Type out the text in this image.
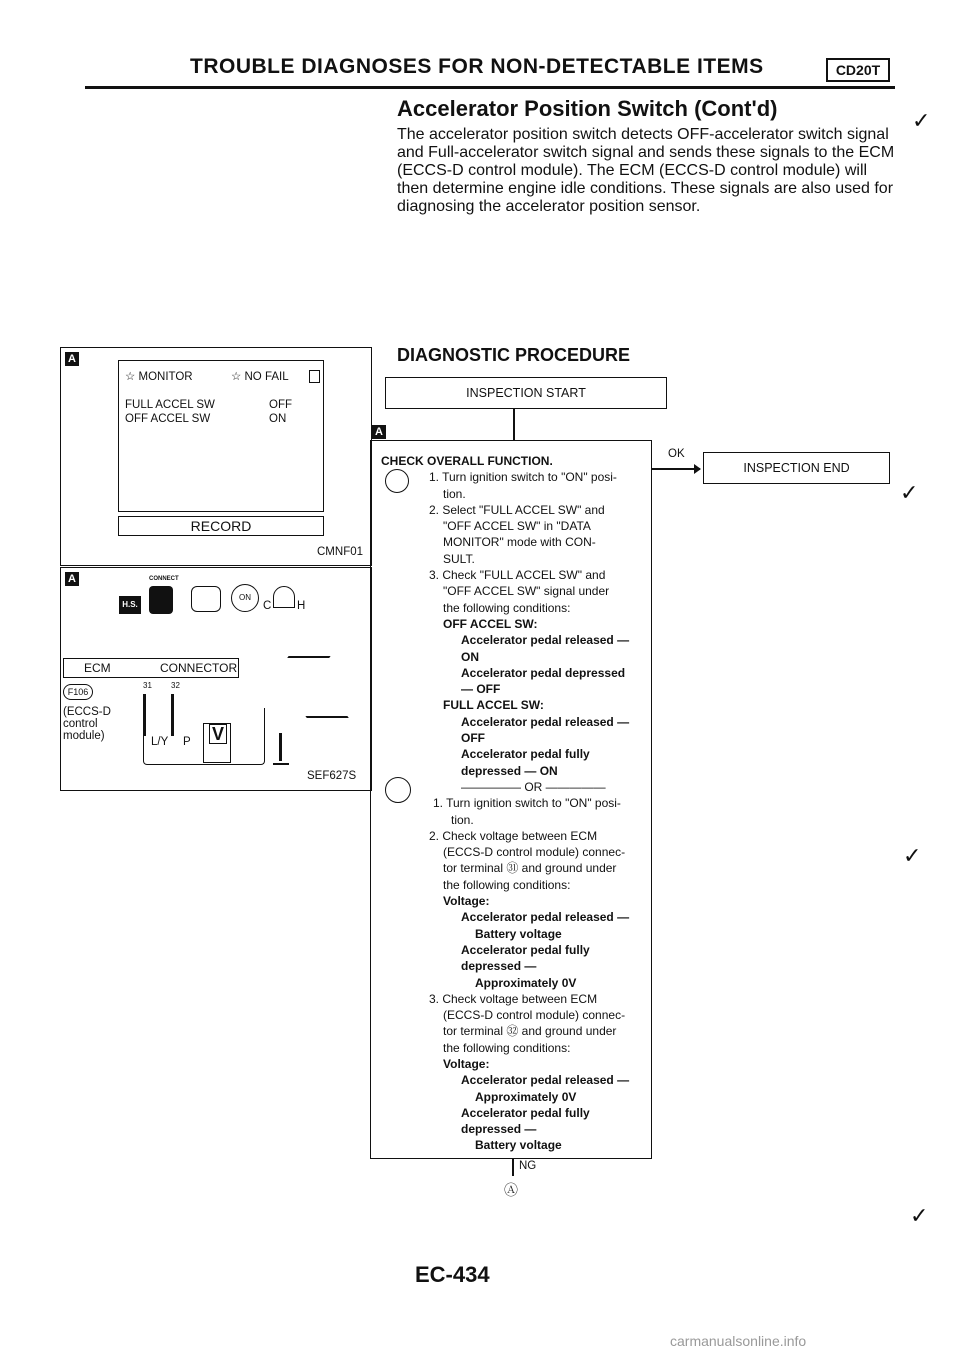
TROUBLE DIAGNOSES FOR NON-DETECTABLE ITEMS	CD20T
Accelerator Position Switch (Cont'd)
The accelerator position switch detects OFF-accelerator switch signal and Full-accelerator switch signal and sends these signals to the ECM (ECCS-D control module). The ECM (ECCS-D control module) will then determine engine idle conditions. These signals are also used for diagnosing the accelerator position sensor.
A
☆ MONITOR	☆ NO FAIL
FULL ACCEL SW	OFF
OFF ACCEL SW	ON
RECORD
CMNF01
A
H.S.
CONNECT
ON
C H
ECM	CONNECTOR
F106
31 32
(ECCS-D
control
module)	L/Y P V
SEF627S
DIAGNOSTIC PROCEDURE
INSPECTION START
A
CHECK OVERALL FUNCTION.
1. Turn ignition switch to "ON" posi-
tion.
2. Select "FULL ACCEL SW" and
"OFF ACCEL SW" in "DATA
MONITOR" mode with CON-
SULT.
3. Check "FULL ACCEL SW" and
"OFF ACCEL SW" signal under
the following conditions:
OFF ACCEL SW:
Accelerator pedal released —
ON
Accelerator pedal depressed
— OFF
FULL ACCEL SW:
Accelerator pedal released —
OFF
Accelerator pedal fully
depressed — ON
————— OR —————
1. Turn ignition switch to "ON" posi-
tion.
2. Check voltage between ECM
(ECCS-D control module) connec-
tor terminal ㉛ and ground under
the following conditions:
Voltage:
Accelerator pedal released —
Battery voltage
Accelerator pedal fully
depressed —
Approximately 0V
3. Check voltage between ECM
(ECCS-D control module) connec-
tor terminal ㉜ and ground under
the following conditions:
Voltage:
Accelerator pedal released —
Approximately 0V
Accelerator pedal fully
depressed —
Battery voltage
OK
INSPECTION END
NG
Ⓐ
✓
✓
✓
✓
EC-434
carmanualsonline.info
